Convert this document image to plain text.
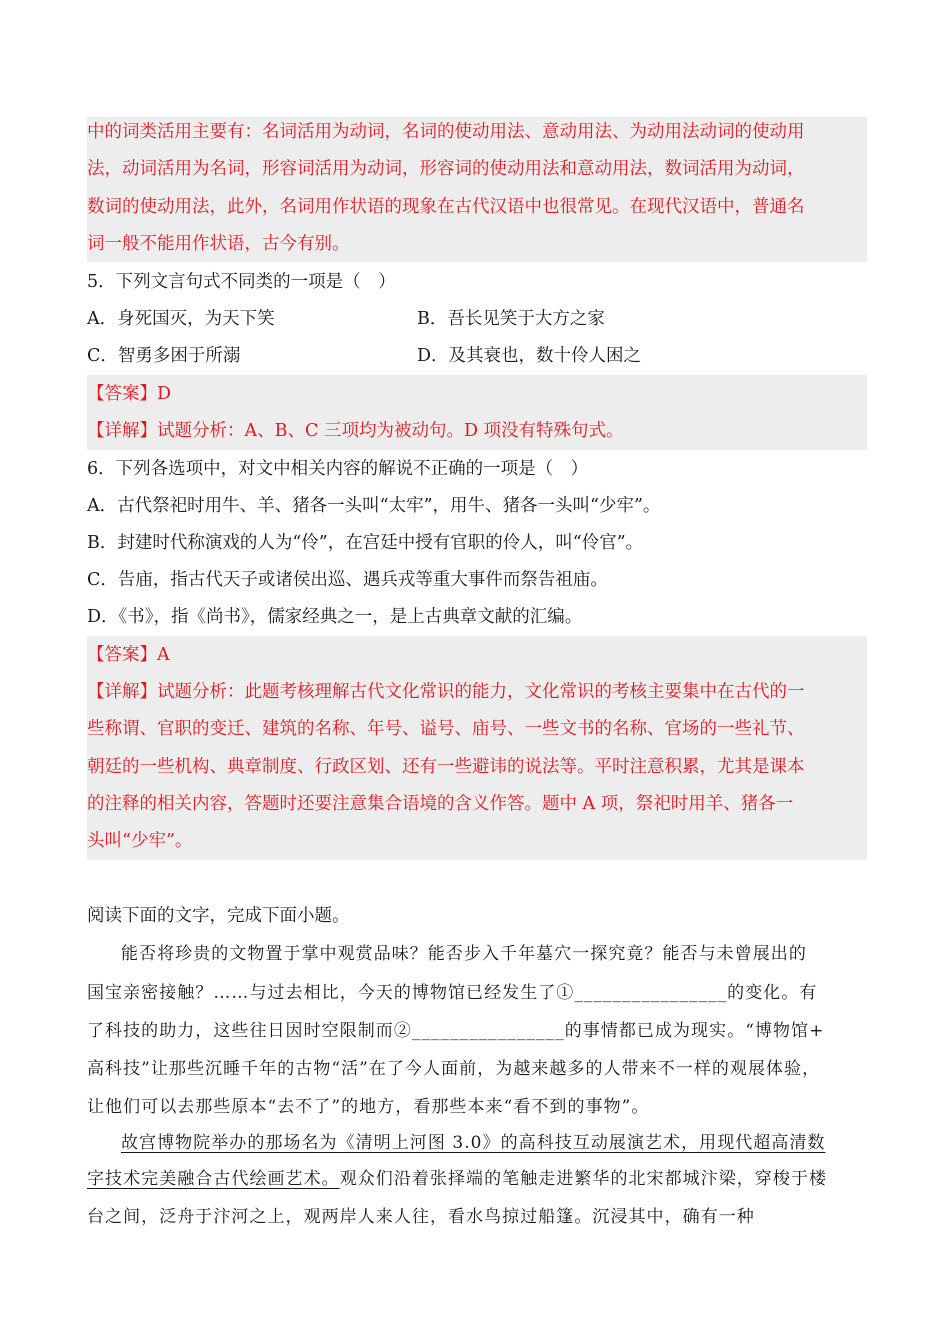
中的词类活用主要有：名词活用为动词，名词的使动用法、意动用法、为动用法动词的使动用
法，动词活用为名词，形容词活用为动词，形容词的使动用法和意动用法，数词活用为动词，
数词的使动用法，此外，名词用作状语的现象在古代汉语中也很常见。在现代汉语中，普通名
词一般不能用作状语，古今有别。
5．下列文言句式不同类的一项是（　）
A．身死国灭，为天下笑	B．吾长见笑于大方之家
C．智勇多困于所溺	D．及其衰也，数十伶人困之
【答案】D
【详解】试题分析：A、B、C 三项均为被动句。D 项没有特殊句式。
6．下列各选项中，对文中相关内容的解说不正确的一项是（　）
A．古代祭祀时用牛、羊、猪各一头叫“太牢”，用牛、猪各一头叫“少牢”。
B．封建时代称演戏的人为“伶”，在宫廷中授有官职的伶人，叫“伶官”。
C．告庙，指古代天子或诸侯出巡、遇兵戎等重大事件而祭告祖庙。
D．《书》，指《尚书》，儒家经典之一，是上古典章文献的汇编。
【答案】A
【详解】试题分析：此题考核理解古代文化常识的能力，文化常识的考核主要集中在古代的一
些称谓、官职的变迁、建筑的名称、年号、谥号、庙号、一些文书的名称、官场的一些礼节、
朝廷的一些机构、典章制度、行政区划、还有一些避讳的说法等。平时注意积累，尤其是课本
的注释的相关内容，答题时还要注意集合语境的含义作答。题中 A 项，祭祀时用羊、猪各一
头叫“少牢”。
阅读下面的文字，完成下面小题。
能否将珍贵的文物置于掌中观赏品味？能否步入千年墓穴一探究竟？能否与未曾展出的
国宝亲密接触？……与过去相比，今天的博物馆已经发生了①________________的变化。有
了科技的助力，这些往日因时空限制而②________________的事情都已成为现实。“博物馆+
高科技”让那些沉睡千年的古物“活”在了今人面前，为越来越多的人带来不一样的观展体验，
让他们可以去那些原本“去不了”的地方，看那些本来“看不到的事物”。
故宫博物院举办的那场名为《清明上河图 3.0》的高科技互动展演艺术，用现代超高清数
字技术完美融合古代绘画艺术。观众们沿着张择端的笔触走进繁华的北宋都城汴梁，穿梭于楼
台之间，泛舟于汴河之上，观两岸人来人往，看水鸟掠过船篷。沉浸其中，确有一种
